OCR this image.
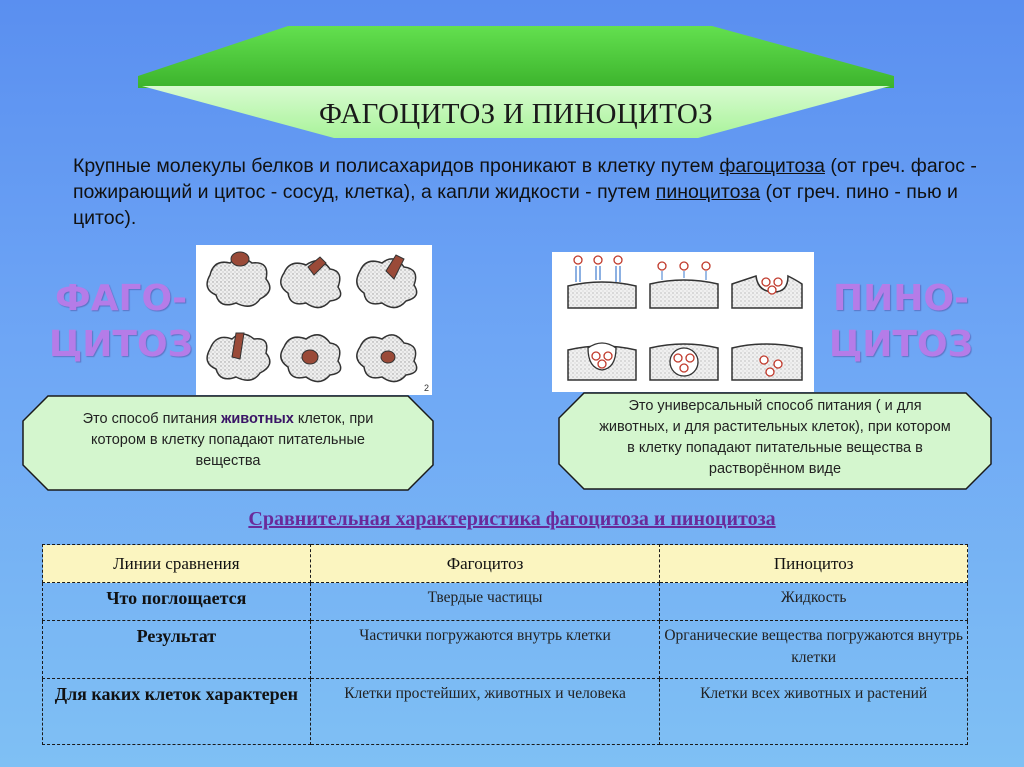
ФАГОЦИТОЗ И ПИНОЦИТОЗ
Крупные молекулы белков и полисахаридов проникают в клетку путем фагоцитоза (от греч. фагос - пожирающий и цитос - сосуд, клетка), а капли жидкости - путем пиноцитоза (от греч. пино - пью и цитос).
ФАГО-
ЦИТОЗ
ПИНО-
ЦИТОЗ
2
Это способ питания животных клеток, при котором в клетку попадают питательные вещества
Это универсальный способ питания ( и для животных, и для растительных клеток), при котором в клетку попадают питательные вещества в растворённом виде
Сравнительная характеристика фагоцитоза и пиноцитоза
Линии сравнения	Фагоцитоз	Пиноцитоз
Что поглощается	Твердые частицы	Жидкость
Результат	Частички погружаются внутрь клетки	Органические вещества погружаются внутрь клетки
Для каких клеток характерен	Клетки простейших, животных и человека	Клетки всех животных и растений
